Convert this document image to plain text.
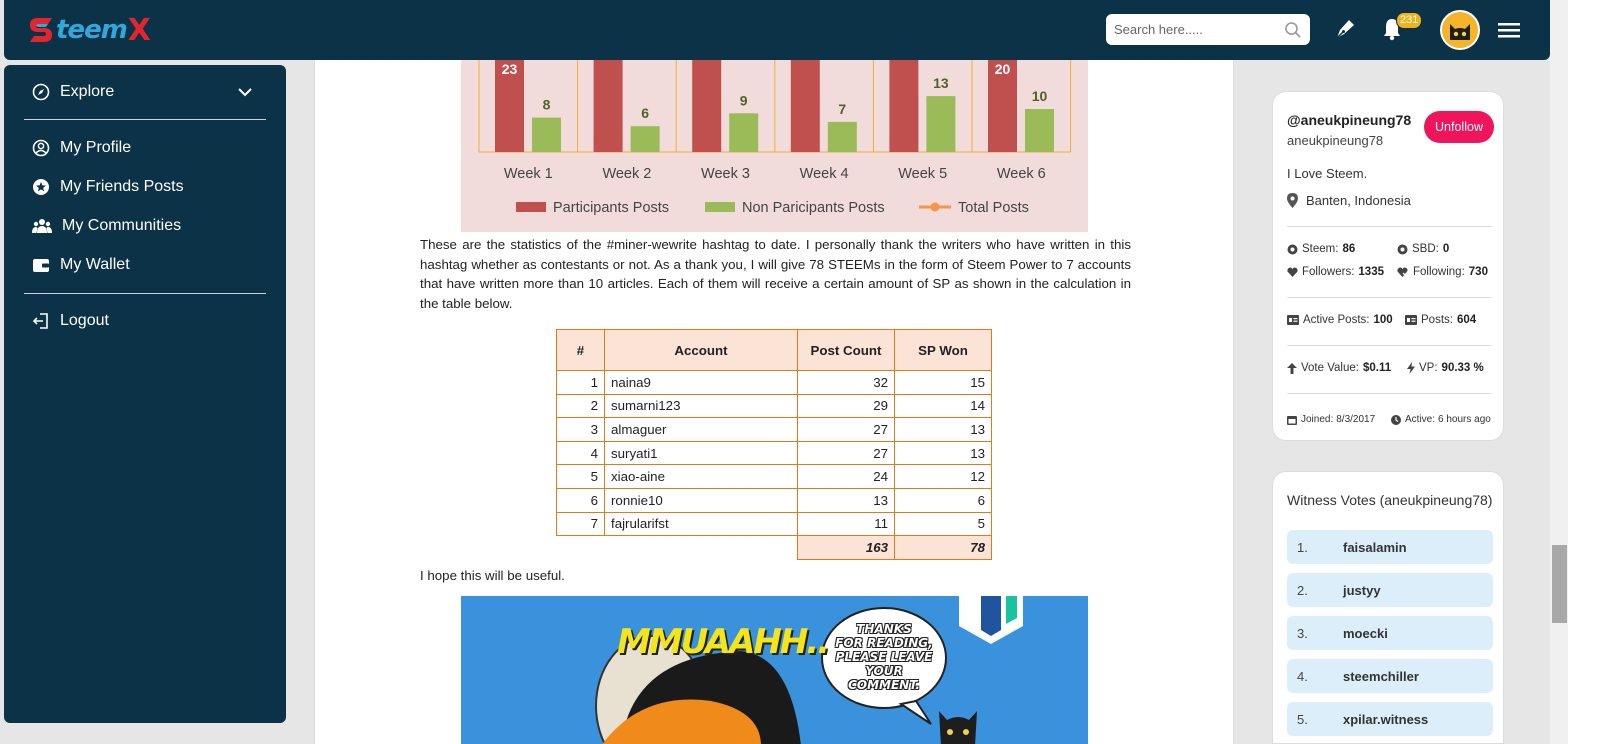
teem X
Search here.....	231
Explore
My Profile
My Friends Posts
My Communities
My Wallet
Logout
23
8
Week 1
6
Week 2
9
Week 3
7
Week 4
13
Week 5
20
10
Week 6
Participants Posts	Non Paricipants Posts	Total Posts

These are the statistics of the #miner-wewrite hashtag to date. I personally thank the writers who have written in this hashtag whether as contestants or not. As a thank you, I will give 78 STEEMs in the form of Steem Power to 7 accounts that have written more than 10 articles. Each of them will receive a certain amount of SP as shown in the calculation in the table below.

#	Account	Post Count	SP Won
1	naina9	32	15
2	sumarni123	29	14
3	almaguer	27	13
4	suryati1	27	13
5	xiao-aine	24	12
6	ronnie10	13	6
7	fajrularifst	11	5
		163	78

I hope this will be useful.

MMUAAHH..	THANKS
FOR READING,
PLEASE LEAVE YOUR
COMMENT.
@aneukpineung78
aneukpineung78
Unfollow
I Love Steem.
Banten, Indonesia
Steem: 86	SBD: 0
Followers: 1335	Following: 730
Active Posts: 100 Posts: 604
Vote Value: $0.11 VP: 90.33 %
Joined: 8/3/2017	Active: 6 hours ago
Witness Votes (aneukpineung78)
1.	faisalamin
2.	justyy
3.	moecki
4.	steemchiller
5.	xpilar.witness
